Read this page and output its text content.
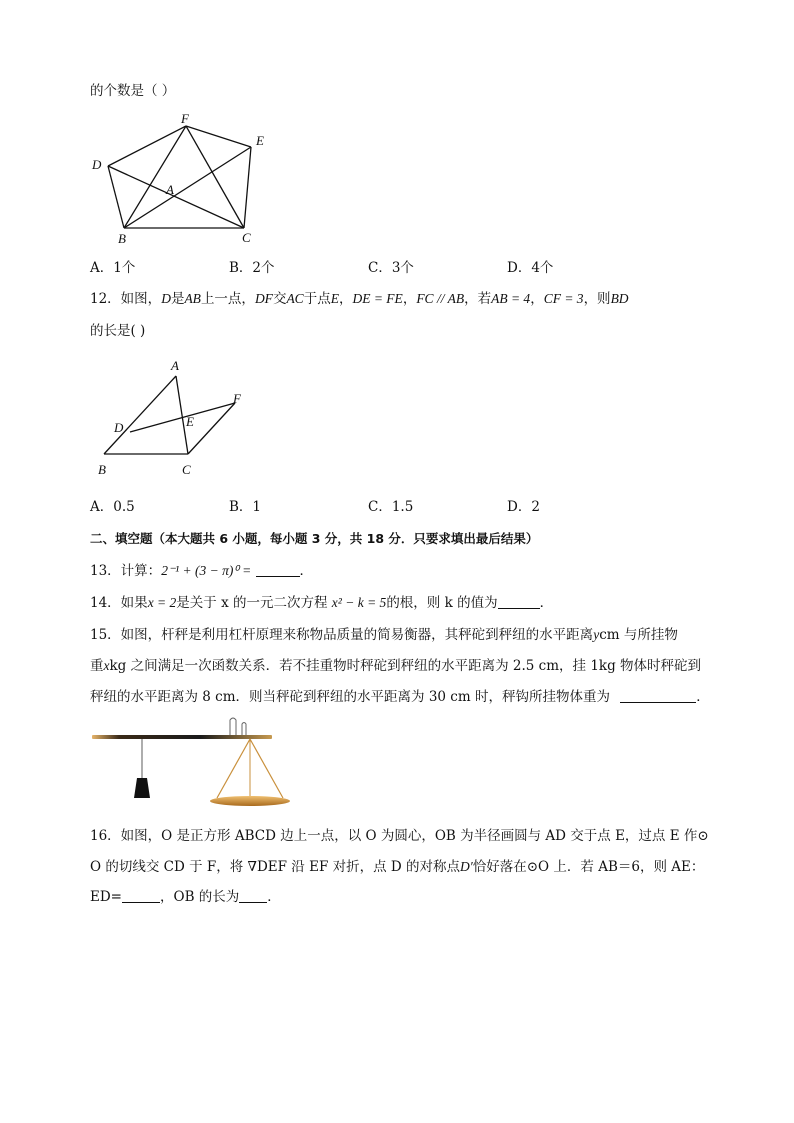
的个数是（ ）
F
E
D
A
B	C
A．1个	B．2个	C．3个	D．4个
12．如图，D是AB上一点，DF交AC于点E，DE = FE，FC // AB，若AB = 4，CF = 3，则BD
的长是( )
A
F
D	E
B	C
A．0.5	B．1	C．1.5	D．2
二、填空题（本大题共 6 小题，每小题 3 分，共 18 分．只要求填出最后结果）
13．计算：2⁻¹ + (3 − π)⁰ =	．
14．如果x = 2是关于 x 的一元二次方程 x² − k = 5的根，则 k 的值为	．
15．如图，杆秤是利用杠杆原理来称物品质量的简易衡器，其秤砣到秤纽的水平距离ycm 与所挂物
重xkg 之间满足一次函数关系．若不挂重物时秤砣到秤纽的水平距离为 2.5 cm，挂 1kg 物体时秤砣到
秤纽的水平距离为 8 cm．则当秤砣到秤纽的水平距离为 30 cm 时，秤钩所挂物体重为	．
16．如图，O 是正方形 ABCD 边上一点，以 O 为圆心，OB 为半径画圆与 AD 交于点 E，过点 E 作⊙
O 的切线交 CD 于 F，将 ∇DEF 沿 EF 对折，点 D 的对称点D′恰好落在⊙O 上．若 AB＝6，则 AE：
ED=	，OB 的长为 ．
